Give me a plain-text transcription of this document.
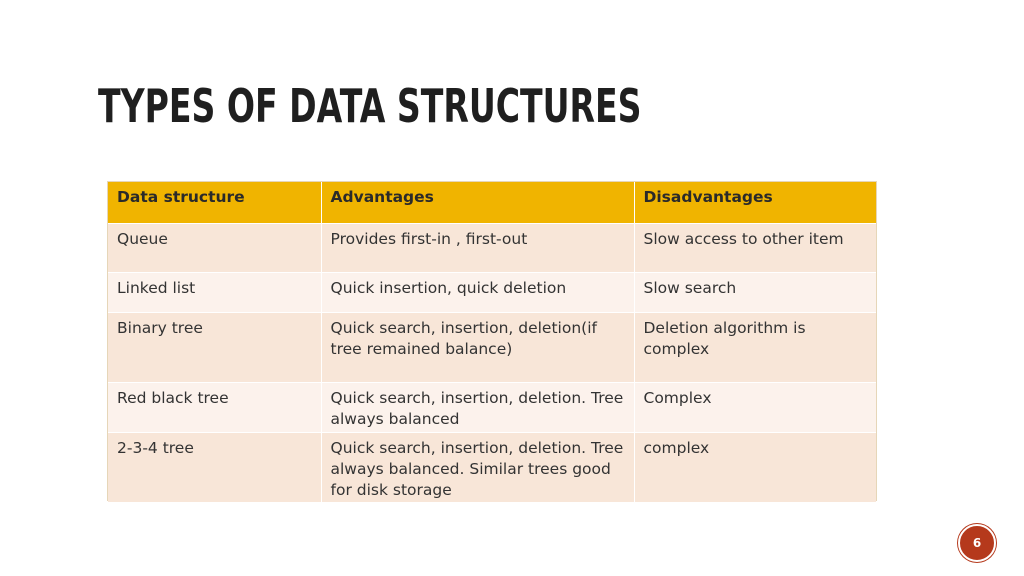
TYPES OF DATA STRUCTURES
Data structure	Advantages	Disadvantages
Queue	Provides first-in , first-out	Slow access to other item
Linked list	Quick insertion, quick deletion	Slow search
Binary tree	Quick search, insertion, deletion(if tree remained balance)	Deletion algorithm is complex
Red black tree	Quick search, insertion, deletion. Tree always balanced	Complex
2-3-4 tree	Quick search, insertion, deletion. Tree always balanced. Similar trees good for disk storage	complex
6
